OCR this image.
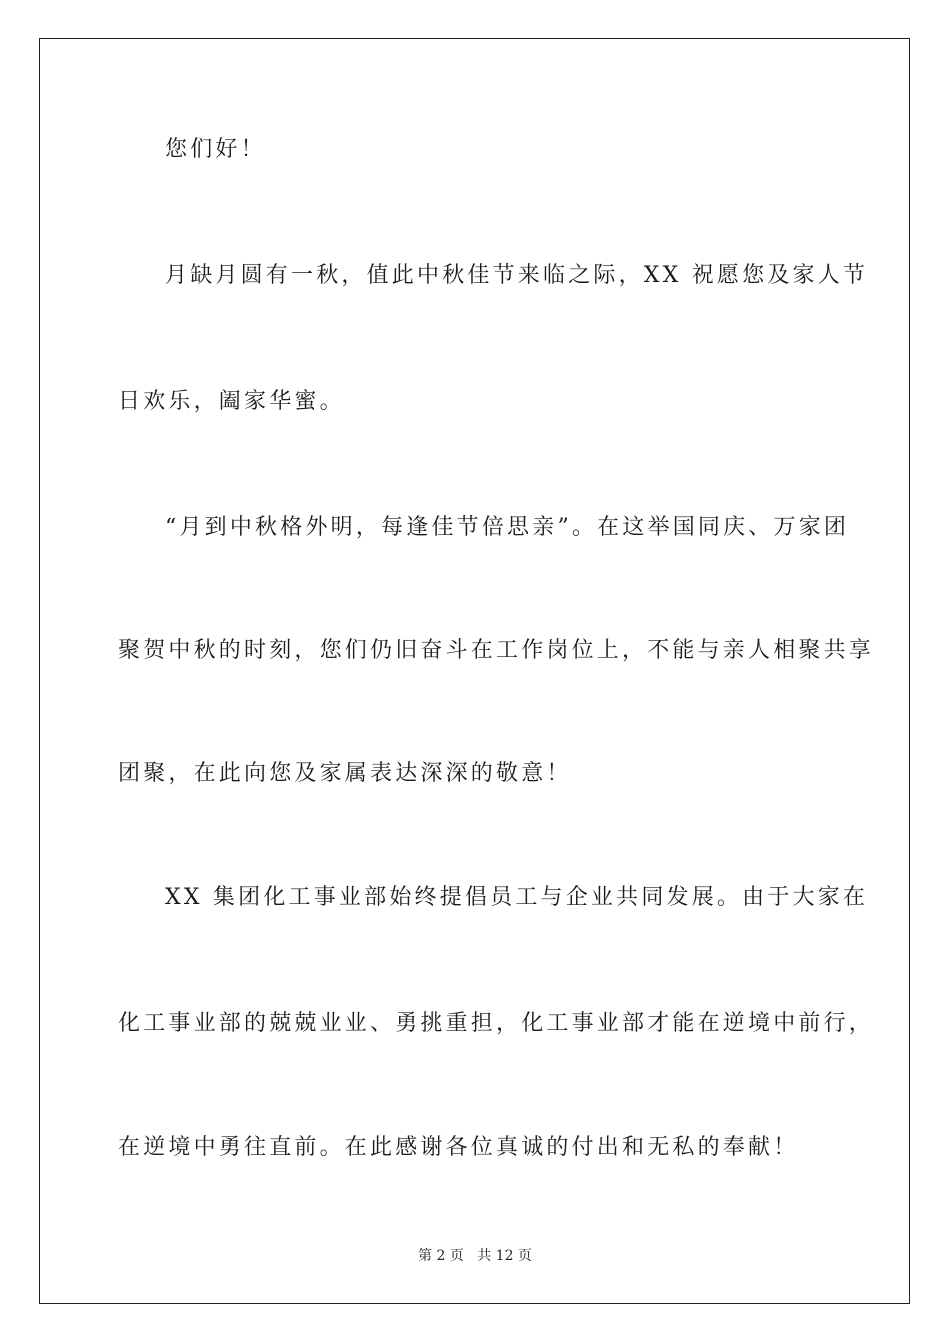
您们好！
月缺月圆有一秋，值此中秋佳节来临之际，XX 祝愿您及家人节
日欢乐，阖家华蜜。
“月到中秋格外明，每逢佳节倍思亲”。在这举国同庆、万家团
聚贺中秋的时刻，您们仍旧奋斗在工作岗位上，不能与亲人相聚共享
团聚，在此向您及家属表达深深的敬意！
XX 集团化工事业部始终提倡员工与企业共同发展。由于大家在
化工事业部的兢兢业业、勇挑重担，化工事业部才能在逆境中前行，
在逆境中勇往直前。在此感谢各位真诚的付出和无私的奉献！
第 2 页 共 12 页
